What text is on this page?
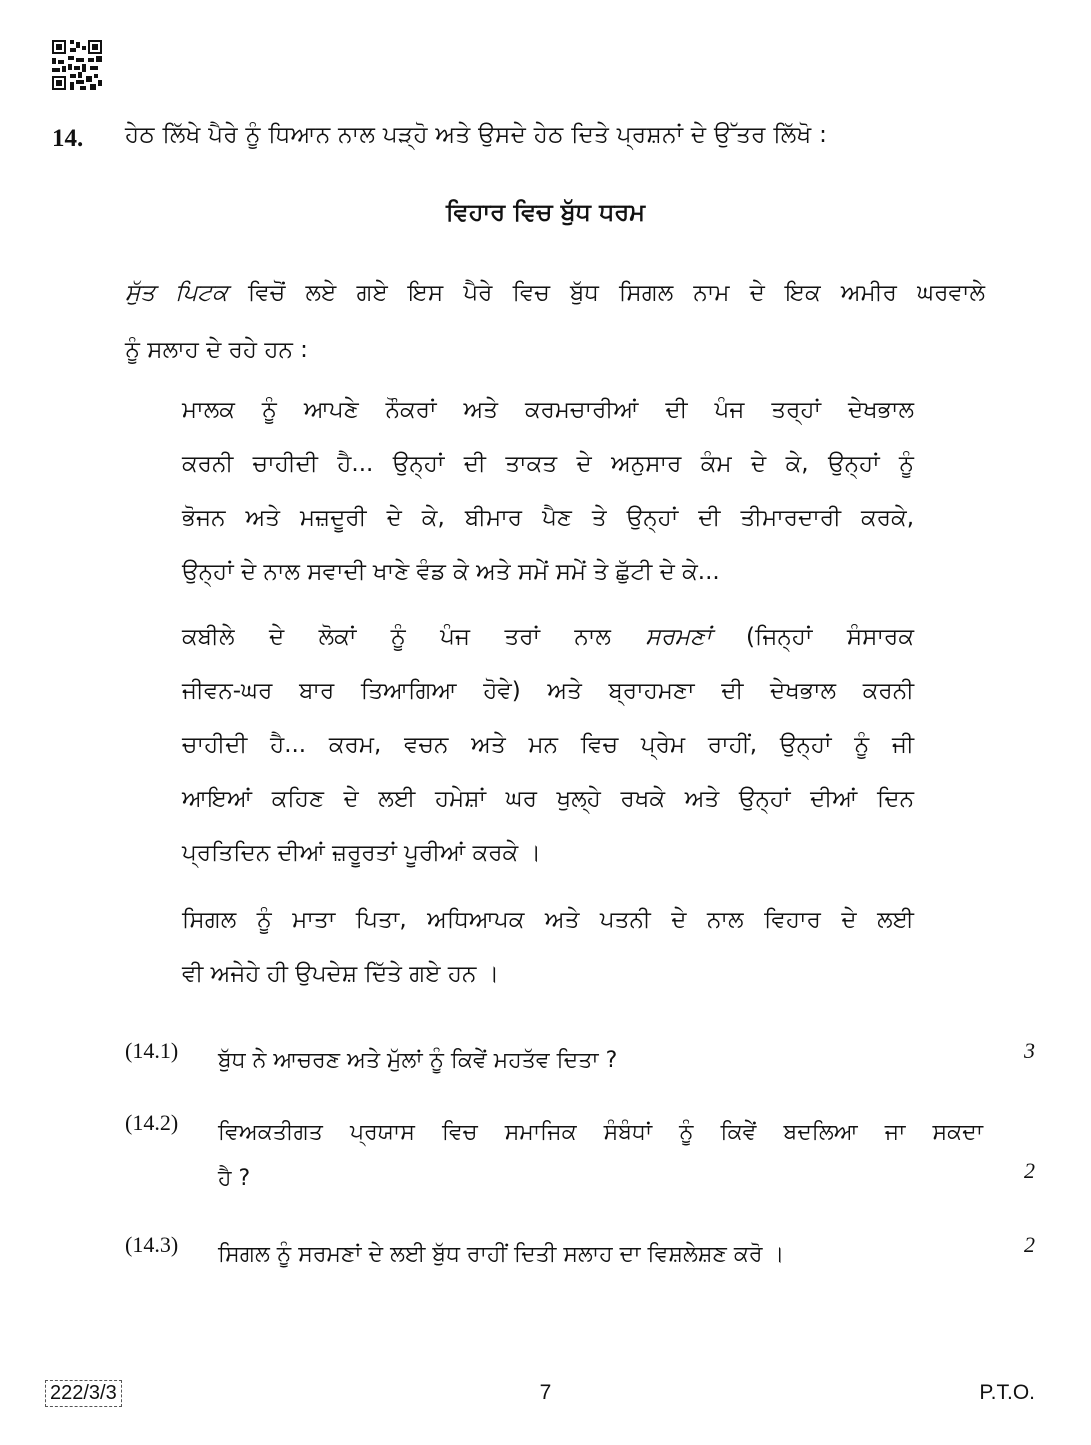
14. ਹੇਠ ਲਿੱਖੇ ਪੈਰੇ ਨੂੰ ਧਿਆਨ ਨਾਲ ਪੜ੍ਹੋ ਅਤੇ ਉਸਦੇ ਹੇਠ ਦਿਤੇ ਪ੍ਰਸ਼ਨਾਂ ਦੇ ਉੱਤਰ ਲਿੱਖੋ :
ਵਿਹਾਰ ਵਿਚ ਬੁੱਧ ਧਰਮ
ਸੁੱਤ ਪਿਟਕ ਵਿਚੋਂ ਲਏ ਗਏ ਇਸ ਪੈਰੇ ਵਿਚ ਬੁੱਧ ਸਿਗਲ ਨਾਮ ਦੇ ਇਕ ਅਮੀਰ ਘਰਵਾਲੇ
ਨੂੰ ਸਲਾਹ ਦੇ ਰਹੇ ਹਨ :
ਮਾਲਕ ਨੂੰ ਆਪਣੇ ਨੌਕਰਾਂ ਅਤੇ ਕਰਮਚਾਰੀਆਂ ਦੀ ਪੰਜ ਤਰ੍ਹਾਂ ਦੇਖਭਾਲ
ਕਰਨੀ ਚਾਹੀਦੀ ਹੈ... ਉਨ੍ਹਾਂ ਦੀ ਤਾਕਤ ਦੇ ਅਨੁਸਾਰ ਕੰਮ ਦੇ ਕੇ, ਉਨ੍ਹਾਂ ਨੂੰ
ਭੋਜਨ ਅਤੇ ਮਜ਼ਦੂਰੀ ਦੇ ਕੇ, ਬੀਮਾਰ ਪੈਣ ਤੇ ਉਨ੍ਹਾਂ ਦੀ ਤੀਮਾਰਦਾਰੀ ਕਰਕੇ,
ਉਨ੍ਹਾਂ ਦੇ ਨਾਲ ਸਵਾਦੀ ਖਾਣੇ ਵੰਡ ਕੇ ਅਤੇ ਸਮੇਂ ਸਮੇਂ ਤੇ ਛੁੱਟੀ ਦੇ ਕੇ...
ਕਬੀਲੇ ਦੇ ਲੋਕਾਂ ਨੂੰ ਪੰਜ ਤਰਾਂ ਨਾਲ ਸਰਮਣਾਂ (ਜਿਨ੍ਹਾਂ ਸੰਸਾਰਕ
ਜੀਵਨ-ਘਰ ਬਾਰ ਤਿਆਗਿਆ ਹੋਵੇ) ਅਤੇ ਬ੍ਰਾਹਮਣਾ ਦੀ ਦੇਖਭਾਲ ਕਰਨੀ
ਚਾਹੀਦੀ ਹੈ... ਕਰਮ, ਵਚਨ ਅਤੇ ਮਨ ਵਿਚ ਪ੍ਰੇਮ ਰਾਹੀਂ, ਉਨ੍ਹਾਂ ਨੂੰ ਜੀ
ਆਇਆਂ ਕਹਿਣ ਦੇ ਲਈ ਹਮੇਸ਼ਾਂ ਘਰ ਖੁਲ੍ਹੇ ਰਖਕੇ ਅਤੇ ਉਨ੍ਹਾਂ ਦੀਆਂ ਦਿਨ
ਪ੍ਰਤਿਦਿਨ ਦੀਆਂ ਜ਼ਰੂਰਤਾਂ ਪੂਰੀਆਂ ਕਰਕੇ ।
ਸਿਗਲ ਨੂੰ ਮਾਤਾ ਪਿਤਾ, ਅਧਿਆਪਕ ਅਤੇ ਪਤਨੀ ਦੇ ਨਾਲ ਵਿਹਾਰ ਦੇ ਲਈ
ਵੀ ਅਜੇਹੇ ਹੀ ਉਪਦੇਸ਼ ਦਿੱਤੇ ਗਏ ਹਨ ।
(14.1) ਬੁੱਧ ਨੇ ਆਚਰਣ ਅਤੇ ਮੁੱਲਾਂ ਨੂੰ ਕਿਵੇਂ ਮਹਤੱਵ ਦਿਤਾ ?	3
(14.2) ਵਿਅਕਤੀਗਤ ਪ੍ਰਯਾਸ ਵਿਚ ਸਮਾਜਿਕ ਸੰਬੰਧਾਂ ਨੂੰ ਕਿਵੇਂ ਬਦਲਿਆ ਜਾ ਸਕਦਾ
ਹੈ ?	2
(14.3) ਸਿਗਲ ਨੂੰ ਸਰਮਣਾਂ ਦੇ ਲਈ ਬੁੱਧ ਰਾਹੀਂ ਦਿਤੀ ਸਲਾਹ ਦਾ ਵਿਸ਼ਲੇਸ਼ਣ ਕਰੋ ।	2
222/3/3	7	P.T.O.
